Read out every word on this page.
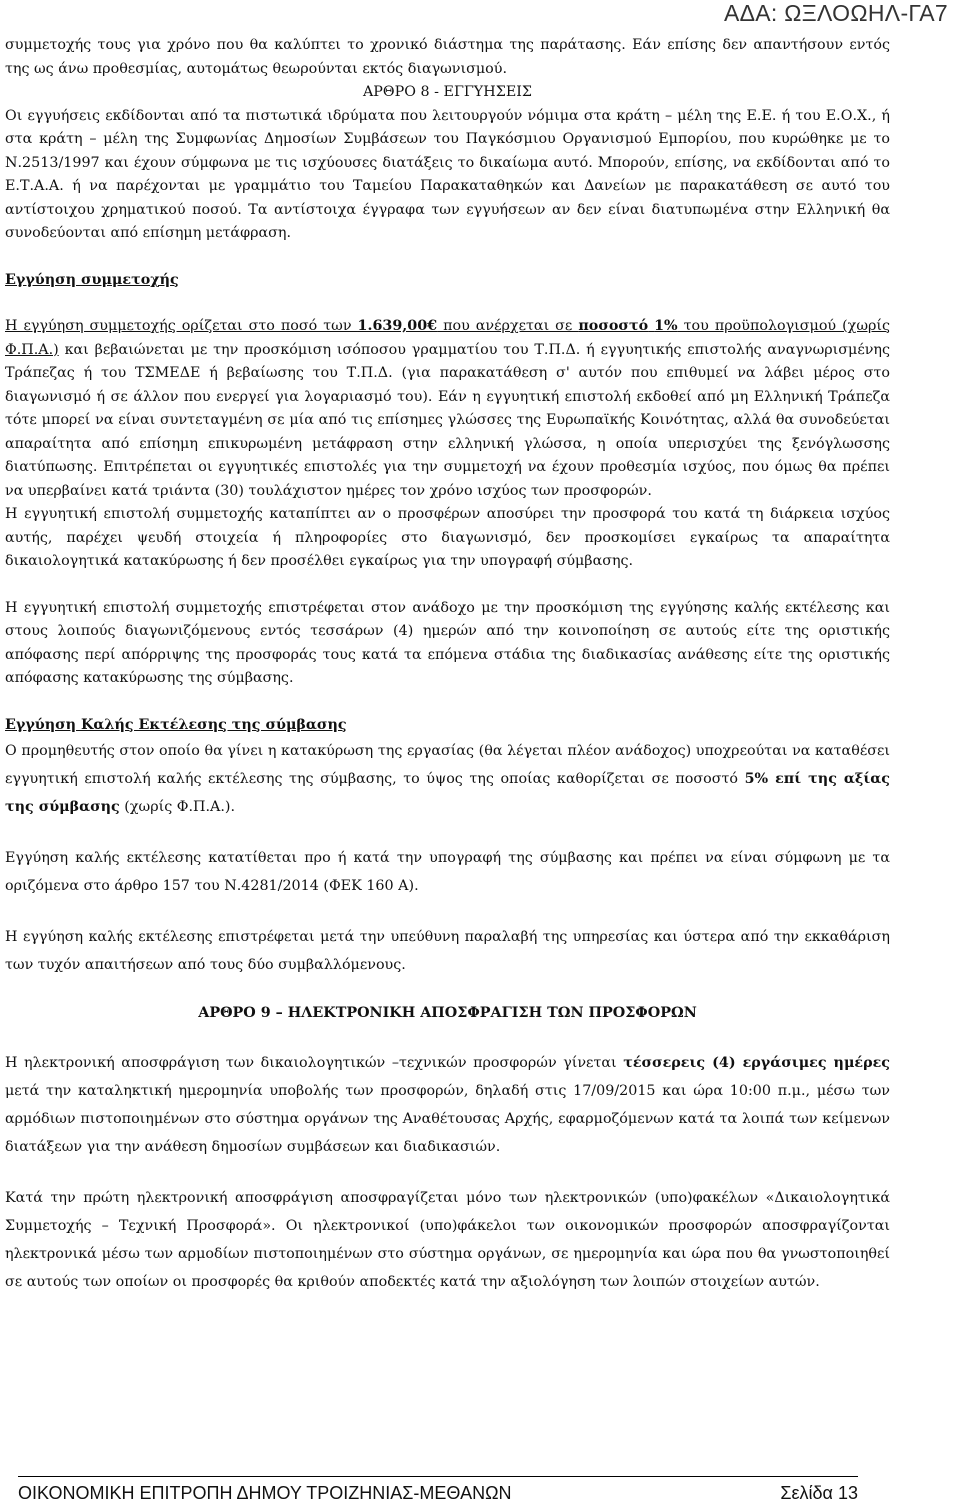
ΑΔΑ: ΩΞΛΟΩΗΛ-ΓΑ7

συμμετοχής τους για χρόνο που θα καλύπτει το χρονικό διάστημα της παράτασης. Εάν επίσης δεν απαντήσουν εντός της ως άνω προθεσμίας, αυτομάτως θεωρούνται εκτός διαγωνισμού.

ΑΡΘΡΟ 8 - ΕΓΓΥΗΣΕΙΣ

Οι εγγυήσεις εκδίδονται από τα πιστωτικά ιδρύματα που λειτουργούν νόμιμα στα κράτη – μέλη της Ε.Ε. ή του Ε.Ο.Χ., ή στα κράτη – μέλη της Συμφωνίας Δημοσίων Συμβάσεων του Παγκόσμιου Οργανισμού Εμπορίου, που κυρώθηκε με το Ν.2513/1997 και έχουν σύμφωνα με τις ισχύουσες διατάξεις το δικαίωμα αυτό. Μπορούν, επίσης, να εκδίδονται από το Ε.Τ.Α.Α. ή να παρέχονται με γραμμάτιο του Ταμείου Παρακαταθηκών και Δανείων με παρακατάθεση σε αυτό του αντίστοιχου χρηματικού ποσού. Τα αντίστοιχα έγγραφα των εγγυήσεων αν δεν είναι διατυπωμένα στην Ελληνική θα συνοδεύονται από επίσημη μετάφραση.

Εγγύηση συμμετοχής

Η εγγύηση συμμετοχής ορίζεται στο ποσό των 1.639,00€ που ανέρχεται σε ποσοστό 1% του προϋπολογισμού (χωρίς Φ.Π.Α.) και βεβαιώνεται με την προσκόμιση ισόποσου γραμματίου του Τ.Π.Δ. ή εγγυητικής επιστολής αναγνωρισμένης Τράπεζας ή του ΤΣΜΕΔΕ ή βεβαίωσης του Τ.Π.Δ. (για παρακατάθεση σ' αυτόν που επιθυμεί να λάβει μέρος στο διαγωνισμό ή σε άλλον που ενεργεί για λογαριασμό του). Εάν η εγγυητική επιστολή εκδοθεί από μη Ελληνική Τράπεζα τότε μπορεί να είναι συντεταγμένη σε μία από τις επίσημες γλώσσες της Ευρωπαϊκής Κοινότητας, αλλά θα συνοδεύεται απαραίτητα από επίσημη επικυρωμένη μετάφραση στην ελληνική γλώσσα, η οποία υπερισχύει της ξενόγλωσσης διατύπωσης. Επιτρέπεται οι εγγυητικές επιστολές για την συμμετοχή να έχουν προθεσμία ισχύος, που όμως θα πρέπει να υπερβαίνει κατά τριάντα (30) τουλάχιστον ημέρες τον χρόνο ισχύος των προσφορών.

Η εγγυητική επιστολή συμμετοχής καταπίπτει αν ο προσφέρων αποσύρει την προσφορά του κατά τη διάρκεια ισχύος αυτής, παρέχει ψευδή στοιχεία ή πληροφορίες στο διαγωνισμό, δεν προσκομίσει εγκαίρως τα απαραίτητα δικαιολογητικά κατακύρωσης ή δεν προσέλθει εγκαίρως για την υπογραφή σύμβασης.

Η εγγυητική επιστολή συμμετοχής επιστρέφεται στον ανάδοχο με την προσκόμιση της εγγύησης καλής εκτέλεσης και στους λοιπούς διαγωνιζόμενους εντός τεσσάρων (4) ημερών από την κοινοποίηση σε αυτούς είτε της οριστικής απόφασης περί απόρριψης της προσφοράς τους κατά τα επόμενα στάδια της διαδικασίας ανάθεσης είτε της οριστικής απόφασης κατακύρωσης της σύμβασης.

Εγγύηση Καλής Εκτέλεσης της σύμβασης

Ο προμηθευτής στον οποίο θα γίνει η κατακύρωση της εργασίας (θα λέγεται πλέον ανάδοχος) υποχρεούται να καταθέσει εγγυητική επιστολή καλής εκτέλεσης της σύμβασης, το ύψος της οποίας καθορίζεται σε ποσοστό 5% επί της αξίας της σύμβασης (χωρίς Φ.Π.Α.).

Εγγύηση καλής εκτέλεσης κατατίθεται προ ή κατά την υπογραφή της σύμβασης και πρέπει να είναι σύμφωνη με τα οριζόμενα στο άρθρο 157 του Ν.4281/2014 (ΦΕΚ 160 Α).

Η εγγύηση καλής εκτέλεσης επιστρέφεται μετά την υπεύθυνη παραλαβή της υπηρεσίας και ύστερα από την εκκαθάριση των τυχόν απαιτήσεων από τους δύο συμβαλλόμενους.

ΑΡΘΡΟ 9 – ΗΛΕΚΤΡΟΝΙΚΗ ΑΠΟΣΦΡΑΓΙΣΗ ΤΩΝ ΠΡΟΣΦΟΡΩΝ

Η ηλεκτρονική αποσφράγιση των δικαιολογητικών –τεχνικών προσφορών γίνεται τέσσερεις (4) εργάσιμες ημέρες μετά την καταληκτική ημερομηνία υποβολής των προσφορών, δηλαδή στις 17/09/2015 και ώρα 10:00 π.μ., μέσω των αρμόδιων πιστοποιημένων στο σύστημα οργάνων της Αναθέτουσας Αρχής, εφαρμοζόμενων κατά τα λοιπά των κείμενων διατάξεων για την ανάθεση δημοσίων συμβάσεων και διαδικασιών.

Κατά την πρώτη ηλεκτρονική αποσφράγιση αποσφραγίζεται μόνο των ηλεκτρονικών (υπο)φακέλων «Δικαιολογητικά Συμμετοχής – Τεχνική Προσφορά». Οι ηλεκτρονικοί (υπο)φάκελοι των οικονομικών προσφορών αποσφραγίζονται ηλεκτρονικά μέσω των αρμοδίων πιστοποιημένων στο σύστημα οργάνων, σε ημερομηνία και ώρα που θα γνωστοποιηθεί σε αυτούς των οποίων οι προσφορές θα κριθούν αποδεκτές κατά την αξιολόγηση των λοιπών στοιχείων αυτών.

ΟΙΚΟΝΟΜΙΚΗ ΕΠΙΤΡΟΠΗ ΔΗΜΟΥ ΤΡΟΙΖΗΝΙΑΣ-ΜΕΘΑΝΩΝ	Σελίδα 13
